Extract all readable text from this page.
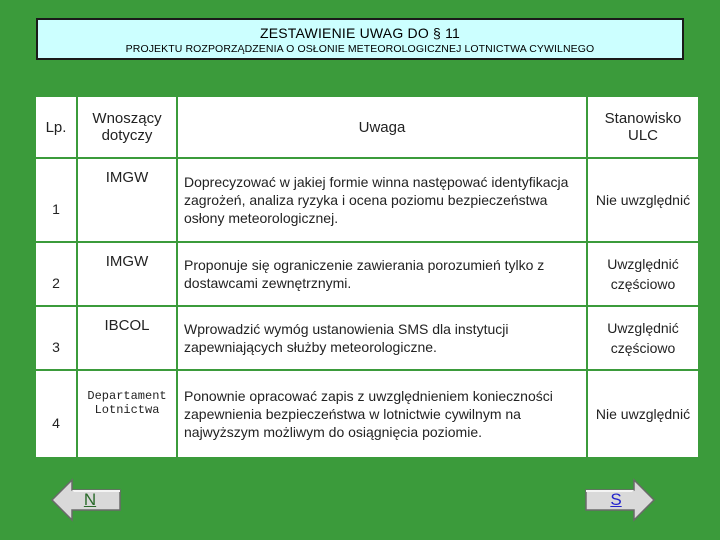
ZESTAWIENIE UWAG DO § 11
PROJEKTU ROZPORZĄDZENIA O OSŁONIE METEOROLOGICZNEJ LOTNICTWA CYWILNEGO
Lp.	Wnoszący dotyczy	Uwaga	Stanowisko ULC
1	IMGW	Doprecyzować w jakiej formie winna następować identyfikacja zagrożeń, analiza ryzyka i ocena poziomu bezpieczeństwa osłony meteorologicznej.	Nie uwzględnić
2	IMGW	Proponuje się ograniczenie zawierania porozumień tylko z dostawcami zewnętrznymi.	Uwzględnić częściowo
3	IBCOL	Wprowadzić wymóg ustanowienia SMS dla instytucji zapewniających służby meteorologiczne.	Uwzględnić częściowo
4	Departament Lotnictwa	Ponownie opracować zapis z uwzględnieniem konieczności zapewnienia bezpieczeństwa w lotnictwie cywilnym na najwyższym możliwym do osiągnięcia poziomie.	Nie uwzględnić
N	S
